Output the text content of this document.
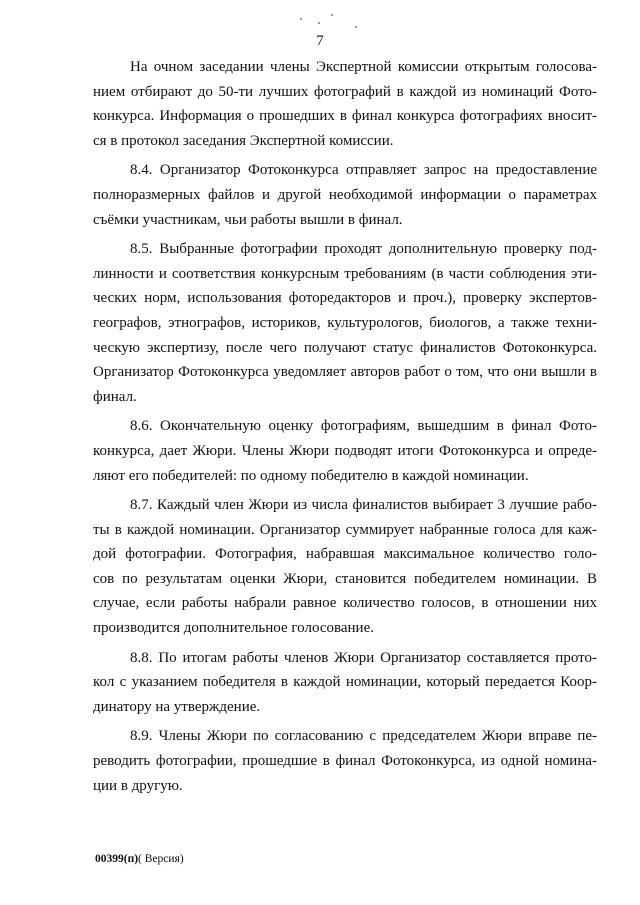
7
На очном заседании члены Экспертной комиссии открытым голосова-
нием отбирают до 50-ти лучших фотографий в каждой из номинаций Фото-
конкурса. Информация о прошедших в финал конкурса фотографиях вносит-
ся в протокол заседания Экспертной комиссии.
8.4. Организатор Фотоконкурса отправляет запрос на предоставление
полноразмерных файлов и другой необходимой информации о параметрах
съёмки участникам, чьи работы вышли в финал.
8.5. Выбранные фотографии проходят дополнительную проверку под-
линности и соответствия конкурсным требованиям (в части соблюдения эти-
ческих норм, использования фоторедакторов и проч.), проверку экспертов-
географов, этнографов, историков, культурологов, биологов, а также техни-
ческую экспертизу, после чего получают статус финалистов Фотоконкурса.
Организатор Фотоконкурса уведомляет авторов работ о том, что они вышли в
финал.
8.6. Окончательную оценку фотографиям, вышедшим в финал Фото-
конкурса, дает Жюри. Члены Жюри подводят итоги Фотоконкурса и опреде-
ляют его победителей: по одному победителю в каждой номинации.
8.7. Каждый член Жюри из числа финалистов выбирает 3 лучшие рабо-
ты в каждой номинации. Организатор суммирует набранные голоса для каж-
дой фотографии. Фотография, набравшая максимальное количество голо-
сов по результатам оценки Жюри, становится победителем номинации. В
случае, если работы набрали равное количество голосов, в отношении них
производится дополнительное голосование.
8.8. По итогам работы членов Жюри Организатор составляется прото-
кол с указанием победителя в каждой номинации, который передается Коор-
динатору на утверждение.
8.9. Члены Жюри по согласованию с председателем Жюри вправе пе-
реводить фотографии, прошедшие в финал Фотоконкурса, из одной номина-
ции в другую.
00399(п)( Версия)
